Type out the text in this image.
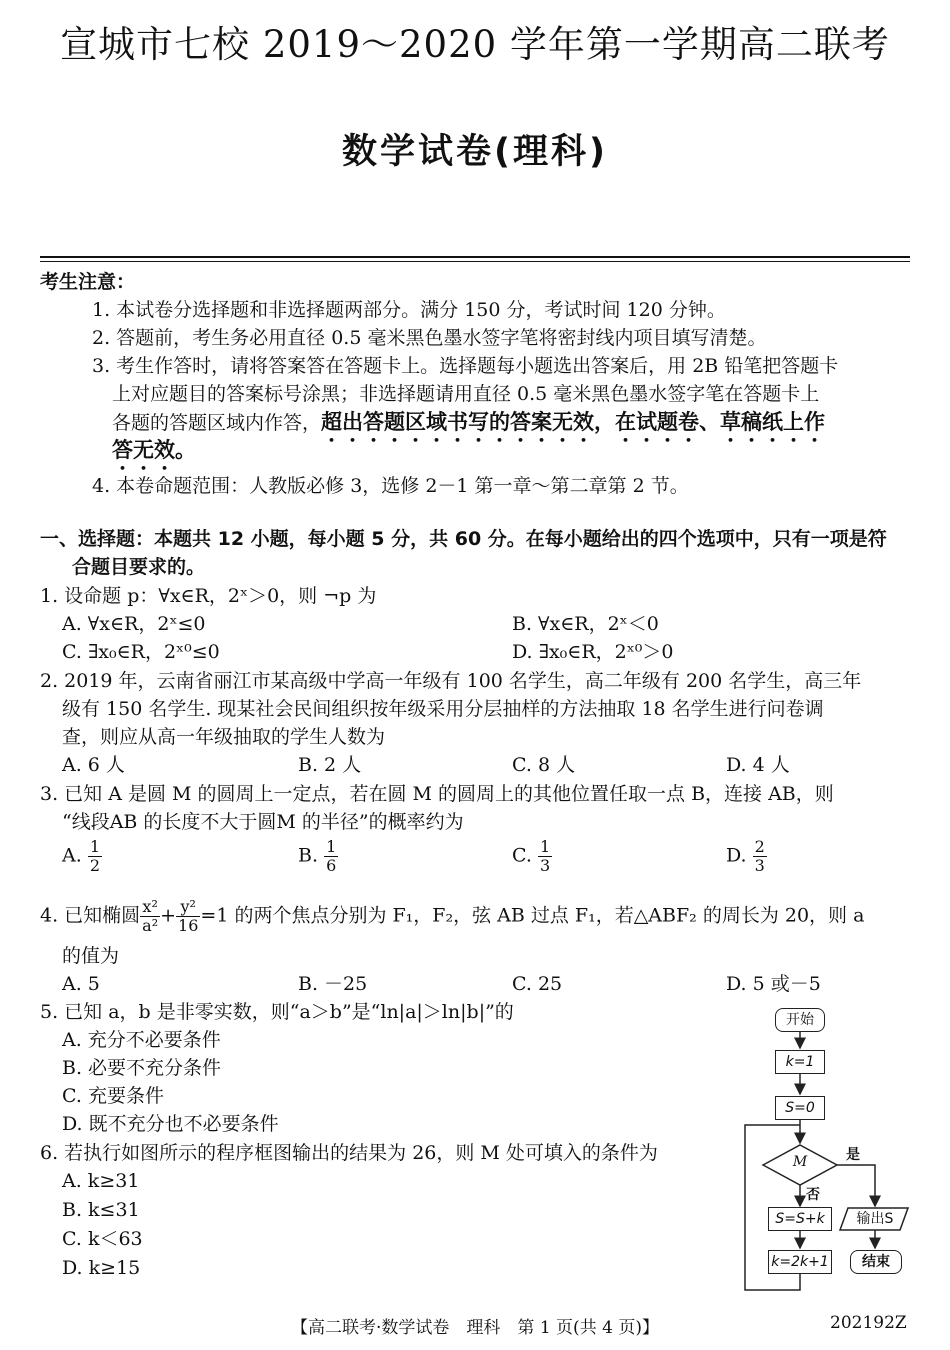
宣城市七校 2019～2020 学年第一学期高二联考
数学试卷(理科)
考生注意：
1. 本试卷分选择题和非选择题两部分。满分 150 分，考试时间 120 分钟。
2. 答题前，考生务必用直径 0.5 毫米黑色墨水签字笔将密封线内项目填写清楚。
3. 考生作答时，请将答案答在答题卡上。选择题每小题选出答案后，用 2B 铅笔把答题卡
上对应题目的答案标号涂黑；非选择题请用直径 0.5 毫米黑色墨水签字笔在答题卡上
各题的答题区域内作答，超出答题区域书写的答案无效，在试题卷、草稿纸上作
答无效。
4. 本卷命题范围：人教版必修 3，选修 2－1 第一章～第二章第 2 节。
一、选择题：本题共 12 小题，每小题 5 分，共 60 分。在每小题给出的四个选项中，只有一项是符
合题目要求的。
1. 设命题 p：∀x∈R，2ˣ＞0，则 ¬p 为
A. ∀x∈R，2ˣ≤0	B. ∀x∈R，2ˣ＜0
C. ∃x₀∈R，2ˣ⁰≤0	D. ∃x₀∈R，2ˣ⁰＞0
2. 2019 年，云南省丽江市某高级中学高一年级有 100 名学生，高二年级有 200 名学生，高三年
级有 150 名学生. 现某社会民间组织按年级采用分层抽样的方法抽取 18 名学生进行问卷调
查，则应从高一年级抽取的学生人数为
A. 6 人	B. 2 人	C. 8 人	D. 4 人
3. 已知 A 是圆 M 的圆周上一定点，若在圆 M 的圆周上的其他位置任取一点 B，连接 AB，则
“线段AB 的长度不大于圆M 的半径”的概率约为
A. $\frac{1}{2}$	B. $\frac{1}{6}$	C. $\frac{1}{3}$	D. $\frac{2}{3}$
4. 已知椭圆 $\frac{\text{x²}}{\text{a²}} + \frac{\text{y²}}{16} =1$ 的两个焦点分别为 F₁，F₂，弦 AB 过点 F₁，若△ABF₂ 的周长为 20，则 a
的值为
A. 5	B. －25	C. 25	D. 5 或－5
5. 已知 a，b 是非零实数，则“a＞b”是“ln|a|＞ln|b|”的
A. 充分不必要条件
B. 必要不充分条件
C. 充要条件
D. 既不充分也不必要条件
6. 若执行如图所示的程序框图输出的结果为 26，则 M 处可填入的条件为
A. k≥31
B. k≤31
C. k＜63
D. k≥15
开始
k=1
S=0
M	是
否
S=S+k	输出S
k=2k+1	结束
【高二联考·数学试卷　理科　第 1 页(共 4 页)】	202192Z
